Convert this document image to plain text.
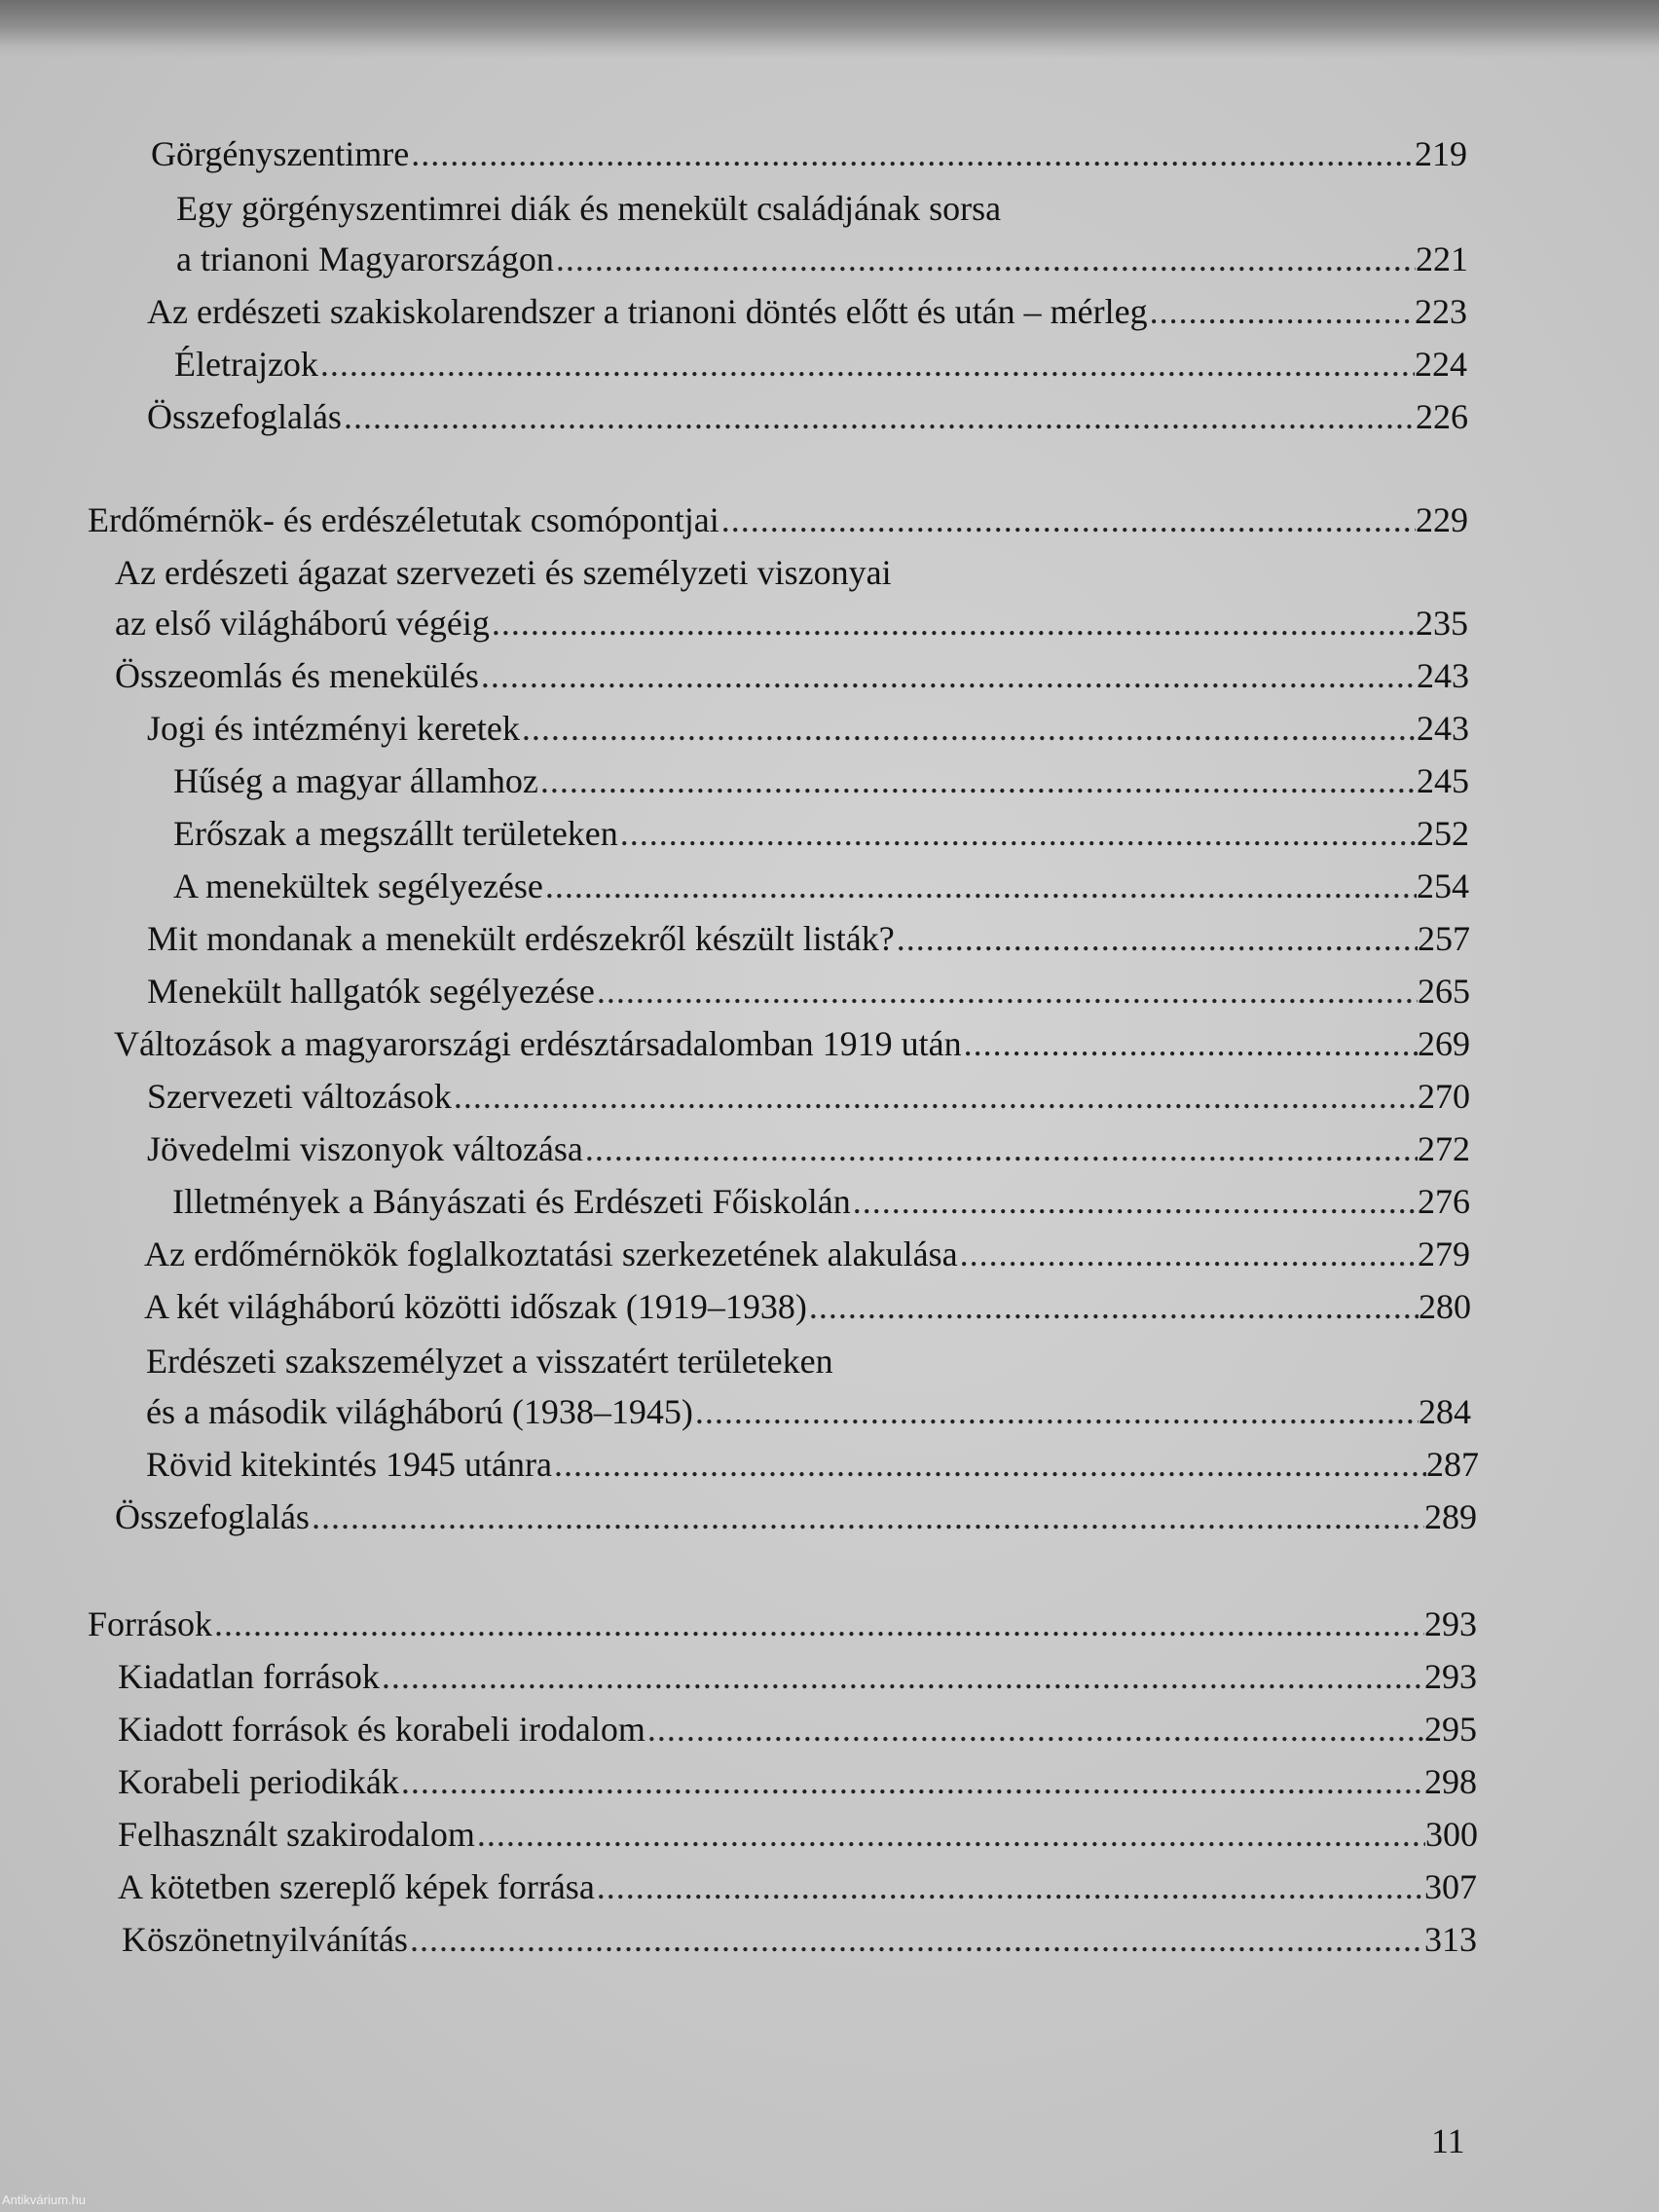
Görgényszentimre . . .	219
Egy görgényszentimrei diák és menekült családjának sorsa
a trianoni Magyarországon . . .	221
Az erdészeti szakiskolarendszer a trianoni döntés előtt és után – mérleg . . .	223
Életrajzok . . .	224
Összefoglalás . . .	226
Erdőmérnök- és erdészéletutak csomópontjai . . .	229
Az erdészeti ágazat szervezeti és személyzeti viszonyai
az első világháború végéig . . .	235
Összeomlás és menekülés . . .	243
Jogi és intézményi keretek . . .	243
Hűség a magyar államhoz . . .	245
Erőszak a megszállt területeken . . .	252
A menekültek segélyezése . . .	254
Mit mondanak a menekült erdészekről készült listák? . . .	257
Menekült hallgatók segélyezése . . .	265
Változások a magyarországi erdésztársadalomban 1919 után . . .	269
Szervezeti változások . . .	270
Jövedelmi viszonyok változása . . .	272
Illetmények a Bányászati és Erdészeti Főiskolán . . .	276
Az erdőmérnökök foglalkoztatási szerkezetének alakulása . . .	279
A két világháború közötti időszak (1919–1938) . . .	280
Erdészeti szakszemélyzet a visszatért területeken
és a második világháború (1938–1945) . . .	284
Rövid kitekintés 1945 utánra . . .	287
Összefoglalás . . .	289
Források . . .	293
Kiadatlan források . . .	293
Kiadott források és korabeli irodalom . . .	295
Korabeli periodikák . . .	298
Felhasznált szakirodalom . . .	300
A kötetben szereplő képek forrása . . .	307
Köszönetnyilvánítás . . .	313
11
Antikvárium.hu
